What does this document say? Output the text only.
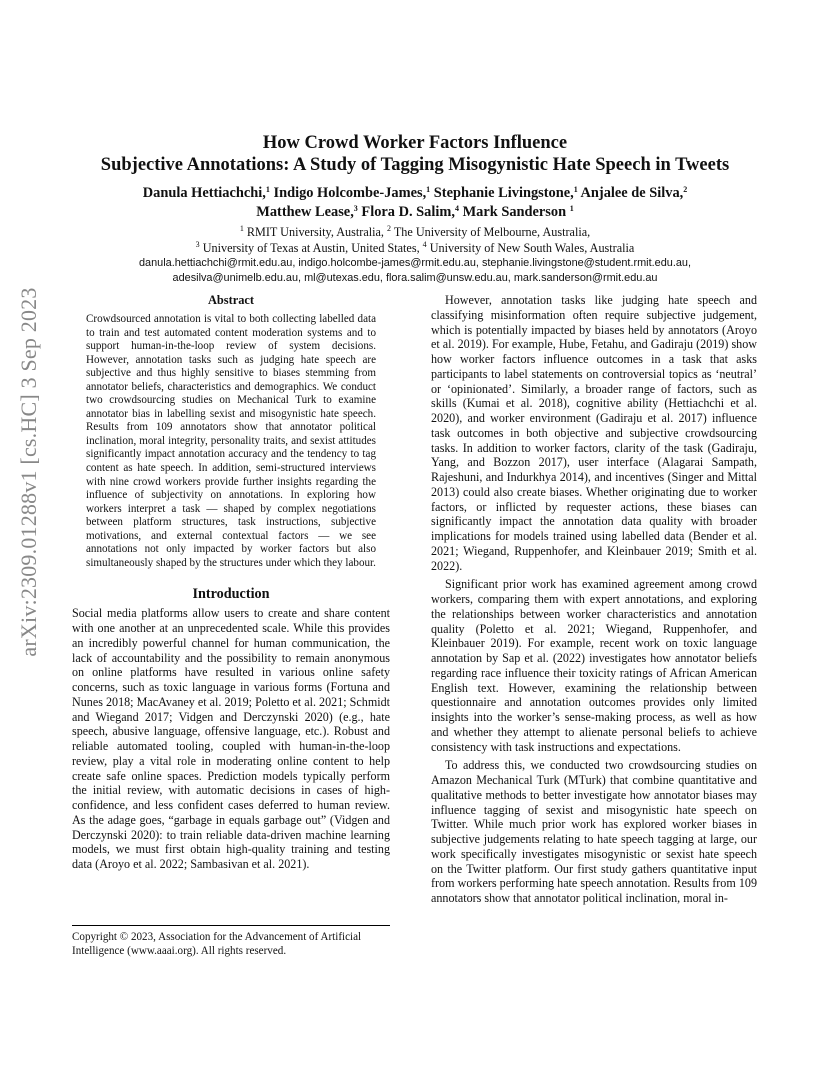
arXiv:2309.01288v1 [cs.HC] 3 Sep 2023
How Crowd Worker Factors Influence
Subjective Annotations: A Study of Tagging Misogynistic Hate Speech in Tweets
Danula Hettiachchi,$^1$ Indigo Holcombe-James,$^1$ Stephanie Livingstone,$^1$ Anjalee de Silva,$^2$
Matthew Lease,$^3$ Flora D. Salim,$^4$ Mark Sanderson $^1$
$^1$ RMIT University, Australia, $^2$ The University of Melbourne, Australia,
$^3$ University of Texas at Austin, United States, $^4$ University of New South Wales, Australia
danula.hettiachchi@rmit.edu.au, indigo.holcombe-james@rmit.edu.au, stephanie.livingstone@student.rmit.edu.au,
adesilva@unimelb.edu.au, ml@utexas.edu, flora.salim@unsw.edu.au, mark.sanderson@rmit.edu.au
Abstract

Crowdsourced annotation is vital to both collecting labelled data to train and test automated content moderation systems and to support human-in-the-loop review of system decisions. However, annotation tasks such as judging hate speech are subjective and thus highly sensitive to biases stemming from annotator beliefs, characteristics and demographics. We conduct two crowdsourcing studies on Mechanical Turk to examine annotator bias in labelling sexist and misogynistic hate speech. Results from 109 annotators show that annotator political inclination, moral integrity, personality traits, and sexist attitudes significantly impact annotation accuracy and the tendency to tag content as hate speech. In addition, semi-structured interviews with nine crowd workers provide further insights regarding the influence of subjectivity on annotations. In exploring how workers interpret a task — shaped by complex negotiations between platform structures, task instructions, subjective motivations, and external contextual factors — we see annotations not only impacted by worker factors but also simultaneously shaped by the structures under which they labour.

Introduction

Social media platforms allow users to create and share content with one another at an unprecedented scale. While this provides an incredibly powerful channel for human communication, the lack of accountability and the possibility to remain anonymous on online platforms have resulted in various online safety concerns, such as toxic language in various forms (Fortuna and Nunes 2018; MacAvaney et al. 2019; Poletto et al. 2021; Schmidt and Wiegand 2017; Vidgen and Derczynski 2020) (e.g., hate speech, abusive language, offensive language, etc.). Robust and reliable automated tooling, coupled with human-in-the-loop review, play a vital role in moderating online content to help create safe online spaces. Prediction models typically perform the initial review, with automatic decisions in cases of high-confidence, and less confident cases deferred to human review. As the adage goes, “garbage in equals garbage out” (Vidgen and Derczynski 2020): to train reliable data-driven machine learning models, we must first obtain high-quality training and testing data (Aroyo et al. 2022; Sambasivan et al. 2021).

Copyright © 2023, Association for the Advancement of Artificial Intelligence (www.aaai.org). All rights reserved.

However, annotation tasks like judging hate speech and classifying misinformation often require subjective judgement, which is potentially impacted by biases held by annotators (Aroyo et al. 2019). For example, Hube, Fetahu, and Gadiraju (2019) show how worker factors influence outcomes in a task that asks participants to label statements on controversial topics as ‘neutral’ or ‘opinionated’. Similarly, a broader range of factors, such as skills (Kumai et al. 2018), cognitive ability (Hettiachchi et al. 2020), and worker environment (Gadiraju et al. 2017) influence task outcomes in both objective and subjective crowdsourcing tasks. In addition to worker factors, clarity of the task (Gadiraju, Yang, and Bozzon 2017), user interface (Alagarai Sampath, Rajeshuni, and Indurkhya 2014), and incentives (Singer and Mittal 2013) could also create biases. Whether originating due to worker factors, or inflicted by requester actions, these biases can significantly impact the annotation data quality with broader implications for models trained using labelled data (Bender et al. 2021; Wiegand, Ruppenhofer, and Kleinbauer 2019; Smith et al. 2022).

Significant prior work has examined agreement among crowd workers, comparing them with expert annotations, and exploring the relationships between worker characteristics and annotation quality (Poletto et al. 2021; Wiegand, Ruppenhofer, and Kleinbauer 2019). For example, recent work on toxic language annotation by Sap et al. (2022) investigates how annotator beliefs regarding race influence their toxicity ratings of African American English text. However, examining the relationship between questionnaire and annotation outcomes provides only limited insights into the worker’s sense-making process, as well as how and whether they attempt to alienate personal beliefs to achieve consistency with task instructions and expectations.

To address this, we conducted two crowdsourcing studies on Amazon Mechanical Turk (MTurk) that combine quantitative and qualitative methods to better investigate how annotator biases may influence tagging of sexist and misogynistic hate speech on Twitter. While much prior work has explored worker biases in subjective judgements relating to hate speech tagging at large, our work specifically investigates misogynistic or sexist hate speech on the Twitter platform. Our first study gathers quantitative input from workers performing hate speech annotation. Results from 109 annotators show that annotator political inclination, moral in-
